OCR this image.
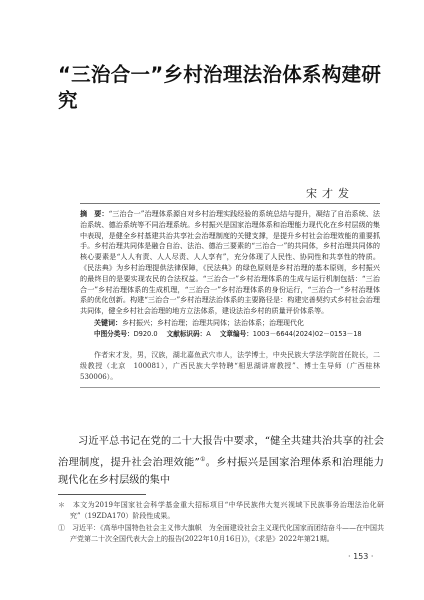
“三治合一”乡村治理法治体系构建研究
宋才发

摘　要：“三治合一”治理体系源自对乡村治理实践经验的系统总结与提升，凝结了自治系统、法治系统、德治系统等不同治理系统。乡村振兴是国家治理体系和治理能力现代化在乡村层级的集中表现，是健全乡村基建共治共享社会治理制度的关键支撑，是提升乡村社会治理效能的重要抓手。乡村治理共同体是融合自治、法治、德治三要素的“三治合一”的共同体，乡村治理共同体的核心要素是“人人有责、人人尽责、人人享有”，充分体现了人民性、协同性和共享性的特质。《民法典》为乡村治理提供法律保障，《民法典》的绿色原则是乡村治理的基本原则，乡村振兴的最终目的是要实现农民的合法权益。“三治合一”乡村治理体系的生成与运行机制包括：“三治合一”乡村治理体系的生成机理，“三治合一”乡村治理体系的身份运行，“三治合一”乡村治理体系的优化创新。构建“三治合一”乡村治理法治体系的主要路径是：构建完善契约式乡村社会治理共同体，健全乡村社会治理的地方立法体系，建设法治乡村的质量评价体系等。

关键词：乡村振兴；乡村治理；治理共同体；法治体系；治理现代化

中图分类号：D920.0 文献标识码：A 文章编号：1003－6644(2024)02－0153－18

作者宋才发，男，汉族，湖北嘉鱼武穴市人，法学博士，中央民族大学法学院首任院长，二级教授（北京　100081），广西民族大学特聘“相思湖讲席教授”、博士生导师（广西桂林　530006）。

习近平总书记在党的二十大报告中要求，“健全共建共治共享的社会治理制度，提升社会治理效能”①。乡村振兴是国家治理体系和治理能力现代化在乡村层级的集中

＊　本文为2019年国家社会科学基金重大招标项目“中华民族伟大复兴视域下民族事务治理法治化研究”（19ZDA170）阶段性成果。

①　习近平：《高举中国特色社会主义伟大旗帜　为全面建设社会主义现代化国家而团结奋斗——在中国共产党第二十次全国代表大会上的报告(2022年10月16日)》，《求是》2022年第21期。

· 153 ·
